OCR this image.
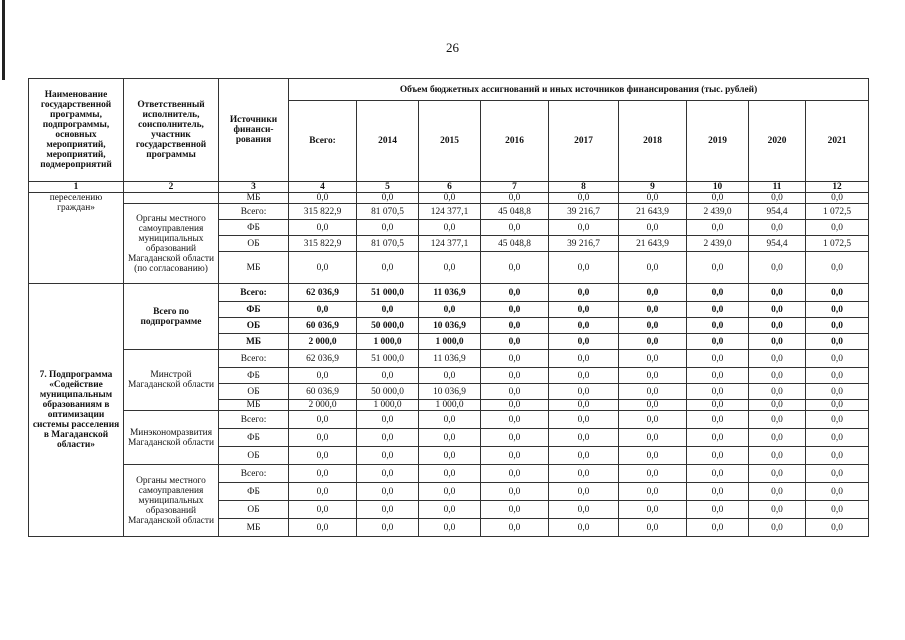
26
Наименование государственной программы, подпрограммы, основных мероприятий, мероприятий, подмероприятий	Ответственный исполнитель, соисполнитель, участник государственной программы	Источники финанси-рования	Объем бюджетных ассигнований и иных источников финансирования (тыс. рублей)								
			Всего:	2014	2015	2016	2017	2018	2019	2020	2021
1	2	3	4	5	6	7	8	9	10	11	12
переселению граждан»		МБ	0,0	0,0	0,0	0,0	0,0	0,0	0,0	0,0	0,0
	Органы местного самоуправления муниципальных образований Магаданской области (по согласованию)	Всего:	315 822,9	81 070,5	124 377,1	45 048,8	39 216,7	21 643,9	2 439,0	954,4	1 072,5
		ФБ	0,0	0,0	0,0	0,0	0,0	0,0	0,0	0,0	0,0
		ОБ	315 822,9	81 070,5	124 377,1	45 048,8	39 216,7	21 643,9	2 439,0	954,4	1 072,5
		МБ	0,0	0,0	0,0	0,0	0,0	0,0	0,0	0,0	0,0
7. Подпрограмма «Содействие муниципальным образованиям в оптимизации системы расселения в Магаданской области»	Всего по подпрограмме	Всего:	62 036,9	51 000,0	11 036,9	0,0	0,0	0,0	0,0	0,0	0,0
		ФБ	0,0	0,0	0,0	0,0	0,0	0,0	0,0	0,0	0,0
		ОБ	60 036,9	50 000,0	10 036,9	0,0	0,0	0,0	0,0	0,0	0,0
		МБ	2 000,0	1 000,0	1 000,0	0,0	0,0	0,0	0,0	0,0	0,0
	Минстрой Магаданской области	Всего:	62 036,9	51 000,0	11 036,9	0,0	0,0	0,0	0,0	0,0	0,0
		ФБ	0,0	0,0	0,0	0,0	0,0	0,0	0,0	0,0	0,0
		ОБ	60 036,9	50 000,0	10 036,9	0,0	0,0	0,0	0,0	0,0	0,0
		МБ	2 000,0	1 000,0	1 000,0	0,0	0,0	0,0	0,0	0,0	0,0
	Минэкономразвития Магаданской области	Всего:	0,0	0,0	0,0	0,0	0,0	0,0	0,0	0,0	0,0
		ФБ	0,0	0,0	0,0	0,0	0,0	0,0	0,0	0,0	0,0
		ОБ	0,0	0,0	0,0	0,0	0,0	0,0	0,0	0,0	0,0
	Органы местного самоуправления муниципальных образований Магаданской области	Всего:	0,0	0,0	0,0	0,0	0,0	0,0	0,0	0,0	0,0
		ФБ	0,0	0,0	0,0	0,0	0,0	0,0	0,0	0,0	0,0
		ОБ	0,0	0,0	0,0	0,0	0,0	0,0	0,0	0,0	0,0
		МБ	0,0	0,0	0,0	0,0	0,0	0,0	0,0	0,0	0,0
